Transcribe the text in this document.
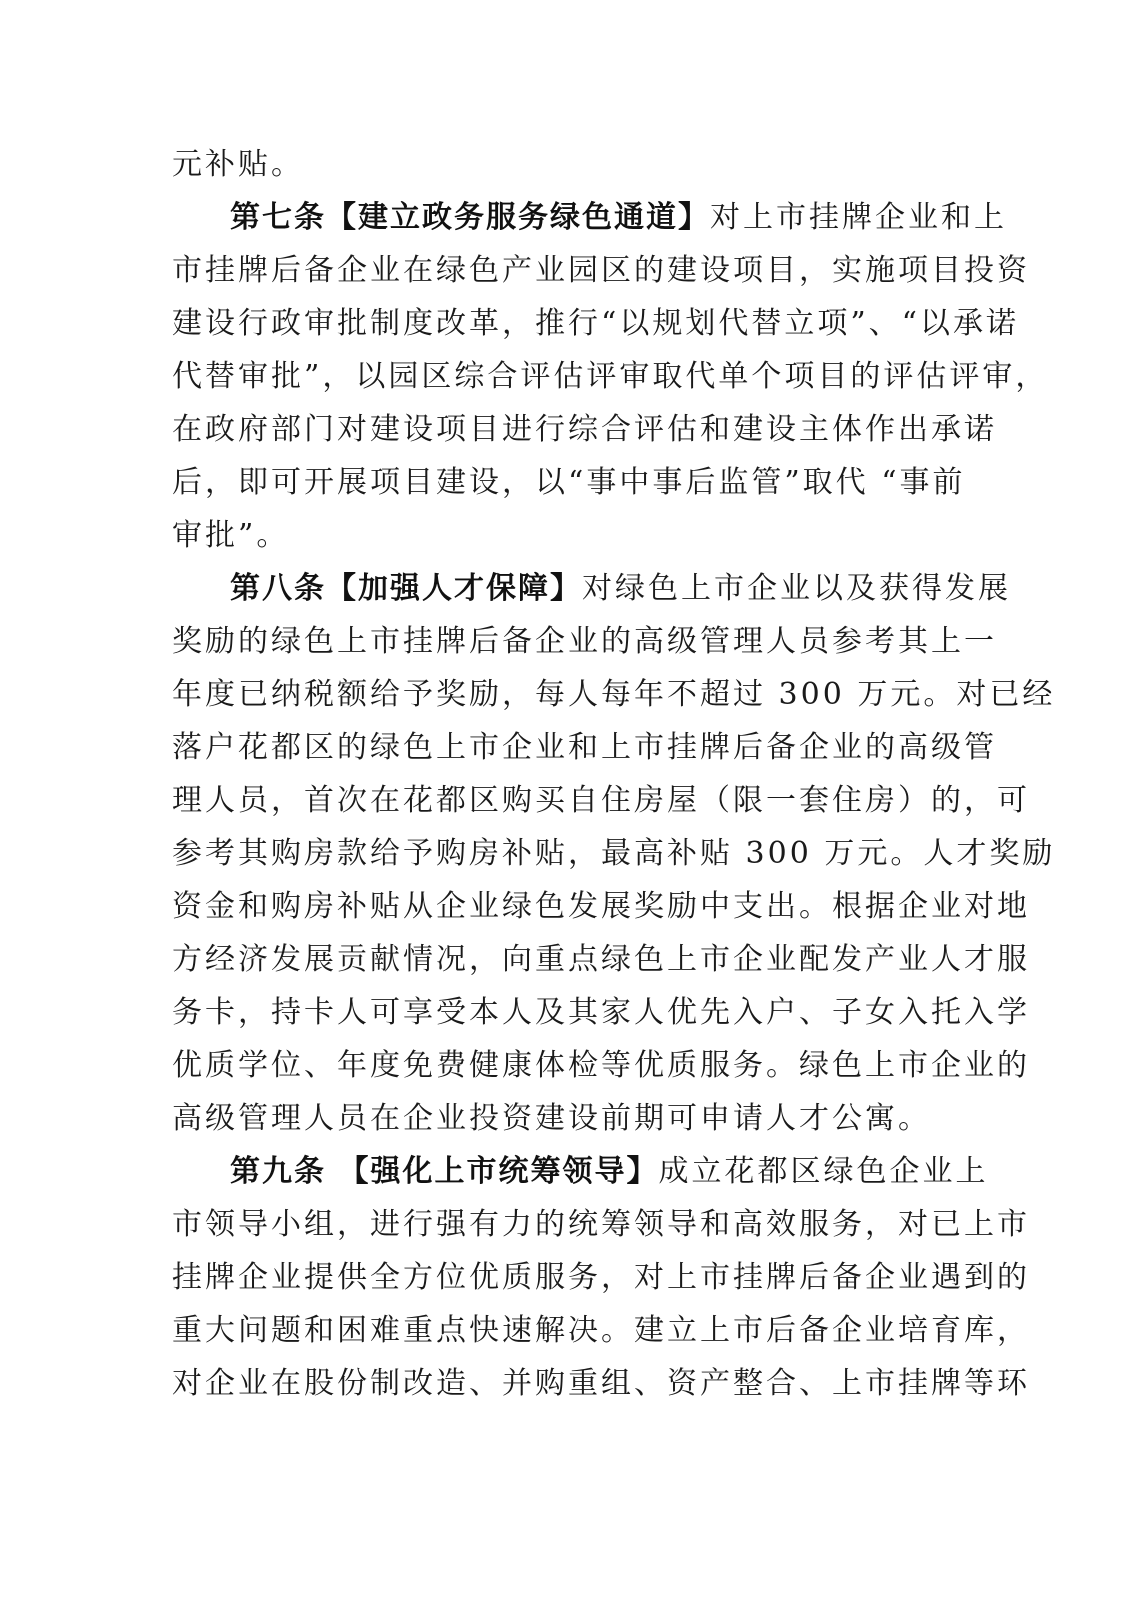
元补贴。
第七条【建立政务服务绿色通道】对上市挂牌企业和上
市挂牌后备企业在绿色产业园区的建设项目，实施项目投资
建设行政审批制度改革，推行“以规划代替立项”、“以承诺
代替审批”，以园区综合评估评审取代单个项目的评估评审，
在政府部门对建设项目进行综合评估和建设主体作出承诺
后，即可开展项目建设，以“事中事后监管”取代 “事前
审批”。
第八条【加强人才保障】对绿色上市企业以及获得发展
奖励的绿色上市挂牌后备企业的高级管理人员参考其上一
年度已纳税额给予奖励，每人每年不超过 300 万元。对已经
落户花都区的绿色上市企业和上市挂牌后备企业的高级管
理人员，首次在花都区购买自住房屋（限一套住房）的，可
参考其购房款给予购房补贴，最高补贴 300 万元。人才奖励
资金和购房补贴从企业绿色发展奖励中支出。根据企业对地
方经济发展贡献情况，向重点绿色上市企业配发产业人才服
务卡，持卡人可享受本人及其家人优先入户、子女入托入学
优质学位、年度免费健康体检等优质服务。绿色上市企业的
高级管理人员在企业投资建设前期可申请人才公寓。
第九条 【强化上市统筹领导】成立花都区绿色企业上
市领导小组，进行强有力的统筹领导和高效服务，对已上市
挂牌企业提供全方位优质服务，对上市挂牌后备企业遇到的
重大问题和困难重点快速解决。建立上市后备企业培育库，
对企业在股份制改造、并购重组、资产整合、上市挂牌等环
